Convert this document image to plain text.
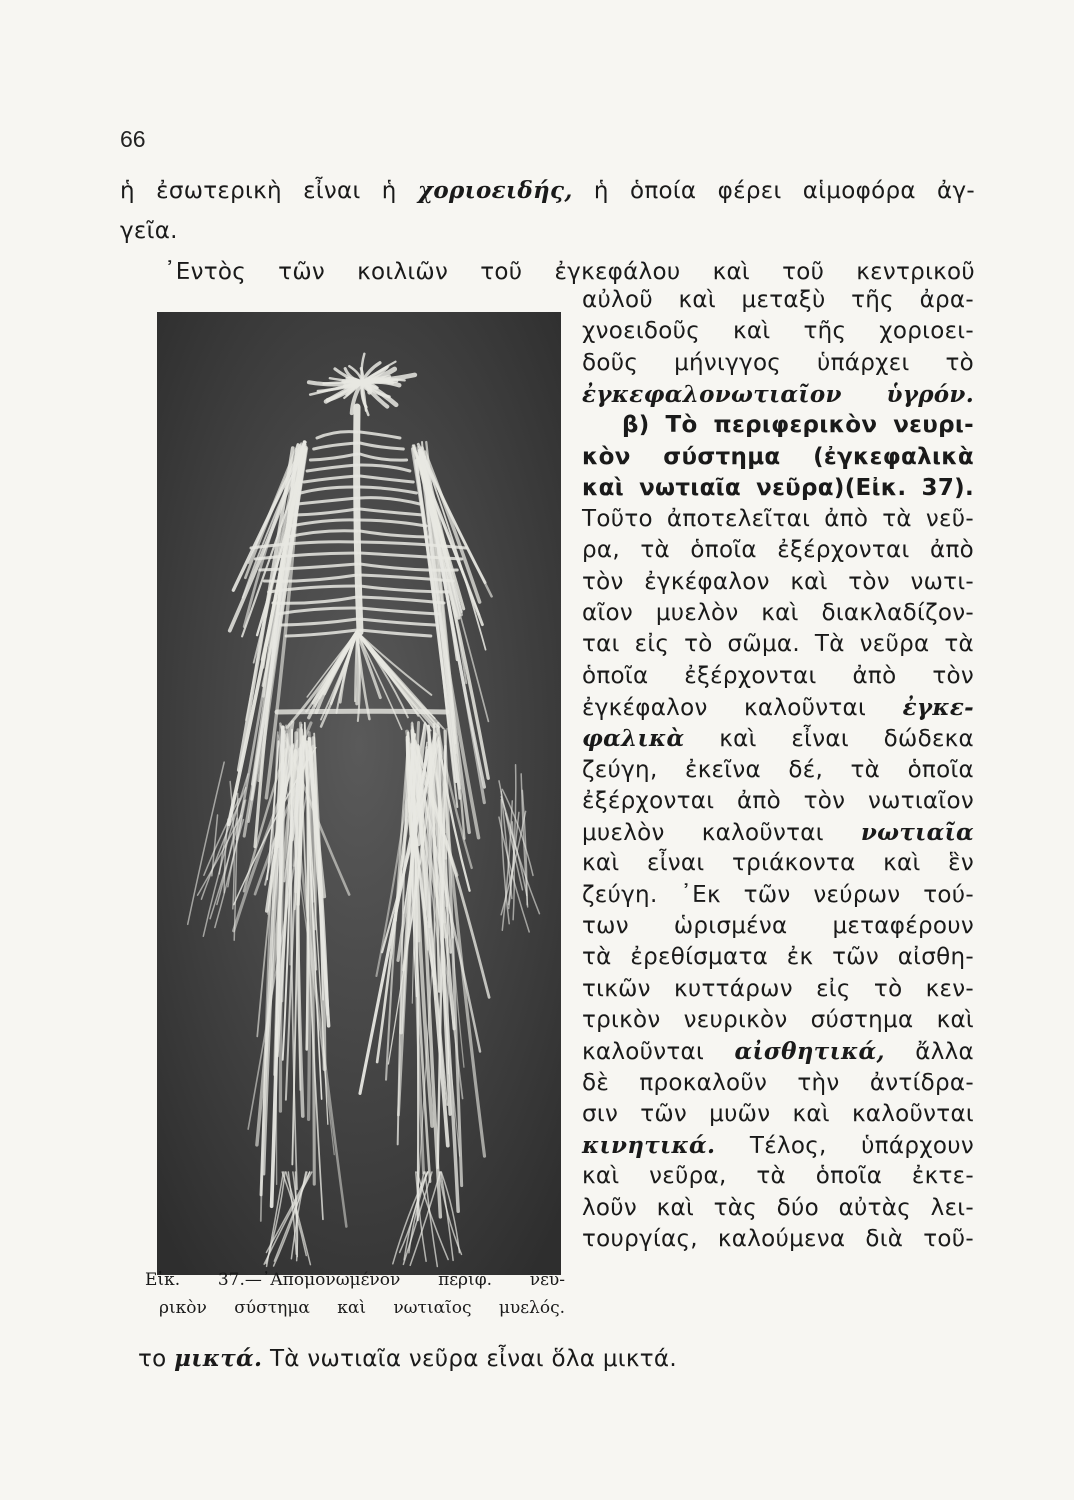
66
ἡ ἐσωτερικὴ εἶναι ἡ χοριοειδής, ἡ ὁποία φέρει αἱμοφόρα ἀγ-
γεῖα.
᾽Εντὸς τῶν κοιλιῶν τοῦ ἐγκεφάλου καὶ τοῦ κεντρικοῦ
αὐλοῦ καὶ μεταξὺ τῆς ἀρα-
χνοειδοῦς καὶ τῆς χοριοει-
δοῦς μήνιγγος ὑπάρχει τὸ
ἐγκεφαλονωτιαῖον ὑγρόν.
β) Τὸ περιφερικὸν νευρι-
κὸν σύστημα (ἐγκεφαλικὰ
καὶ νωτιαῖα νεῦρα)(Εἰκ. 37).
Τοῦτο ἀποτελεῖται ἀπὸ τὰ νεῦ-
ρα, τὰ ὁποῖα ἐξέρχονται ἀπὸ
τὸν ἐγκέφαλον καὶ τὸν νωτι-
αῖον μυελὸν καὶ διακλαδίζον-
ται εἰς τὸ σῶμα. Τὰ νεῦρα τὰ
ὁποῖα ἐξέρχονται ἀπὸ τὸν
ἐγκέφαλον καλοῦνται ἐγκε-
φαλικὰ καὶ εἶναι δώδεκα
ζεύγη, ἐκεῖνα δέ, τὰ ὁποῖα
ἐξέρχονται ἀπὸ τὸν νωτιαῖον
μυελὸν καλοῦνται νωτιαῖα
καὶ εἶναι τριάκοντα καὶ ἓν
ζεύγη. ᾽Εκ τῶν νεύρων τού-
των ὡρισμένα μεταφέρουν
τὰ ἐρεθίσματα ἐκ τῶν αἰσθη-
τικῶν κυττάρων εἰς τὸ κεν-
τρικὸν νευρικὸν σύστημα καὶ
καλοῦνται αἰσθητικά, ἄλλα
δὲ προκαλοῦν τὴν ἀντίδρα-
σιν τῶν μυῶν καὶ καλοῦνται
κινητικά. Τέλος, ὑπάρχουν
καὶ νεῦρα, τὰ ὁποῖα ἐκτε-
λοῦν καὶ τὰς δύο αὐτὰς λει-
τουργίας, καλούμενα διὰ τοῦ-
το μικτά. Τὰ νωτιαῖα νεῦρα εἶναι ὅλα μικτά.
Εἰκ. 37.—᾽Απομονωμένον περιφ. νευ-
ρικὸν σύστημα καὶ νωτιαῖος μυελός.
